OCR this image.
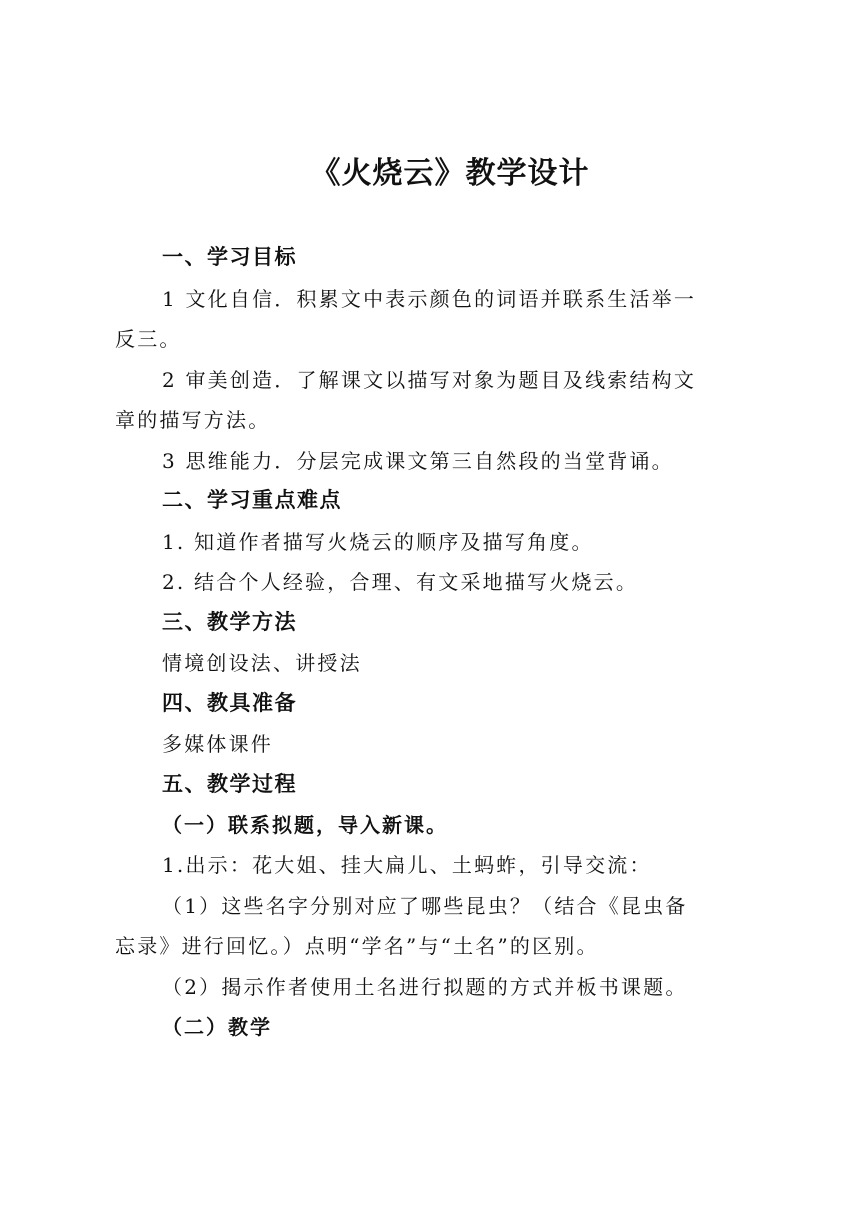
《火烧云》教学设计
一、学习目标
1 文化自信．积累文中表示颜色的词语并联系生活举一
反三。
2 审美创造．了解课文以描写对象为题目及线索结构文
章的描写方法。
3 思维能力．分层完成课文第三自然段的当堂背诵。
二、学习重点难点
1. 知道作者描写火烧云的顺序及描写角度。
2. 结合个人经验，合理、有文采地描写火烧云。
三、教学方法
情境创设法、讲授法
四、教具准备
多媒体课件
五、教学过程
（一）联系拟题，导入新课。
1.出示：花大姐、挂大扁儿、土蚂蚱，引导交流：
（1）这些名字分别对应了哪些昆虫？（结合《昆虫备
忘录》进行回忆。）点明“学名”与“土名”的区别。
（2）揭示作者使用土名进行拟题的方式并板书课题。
（二）教学
